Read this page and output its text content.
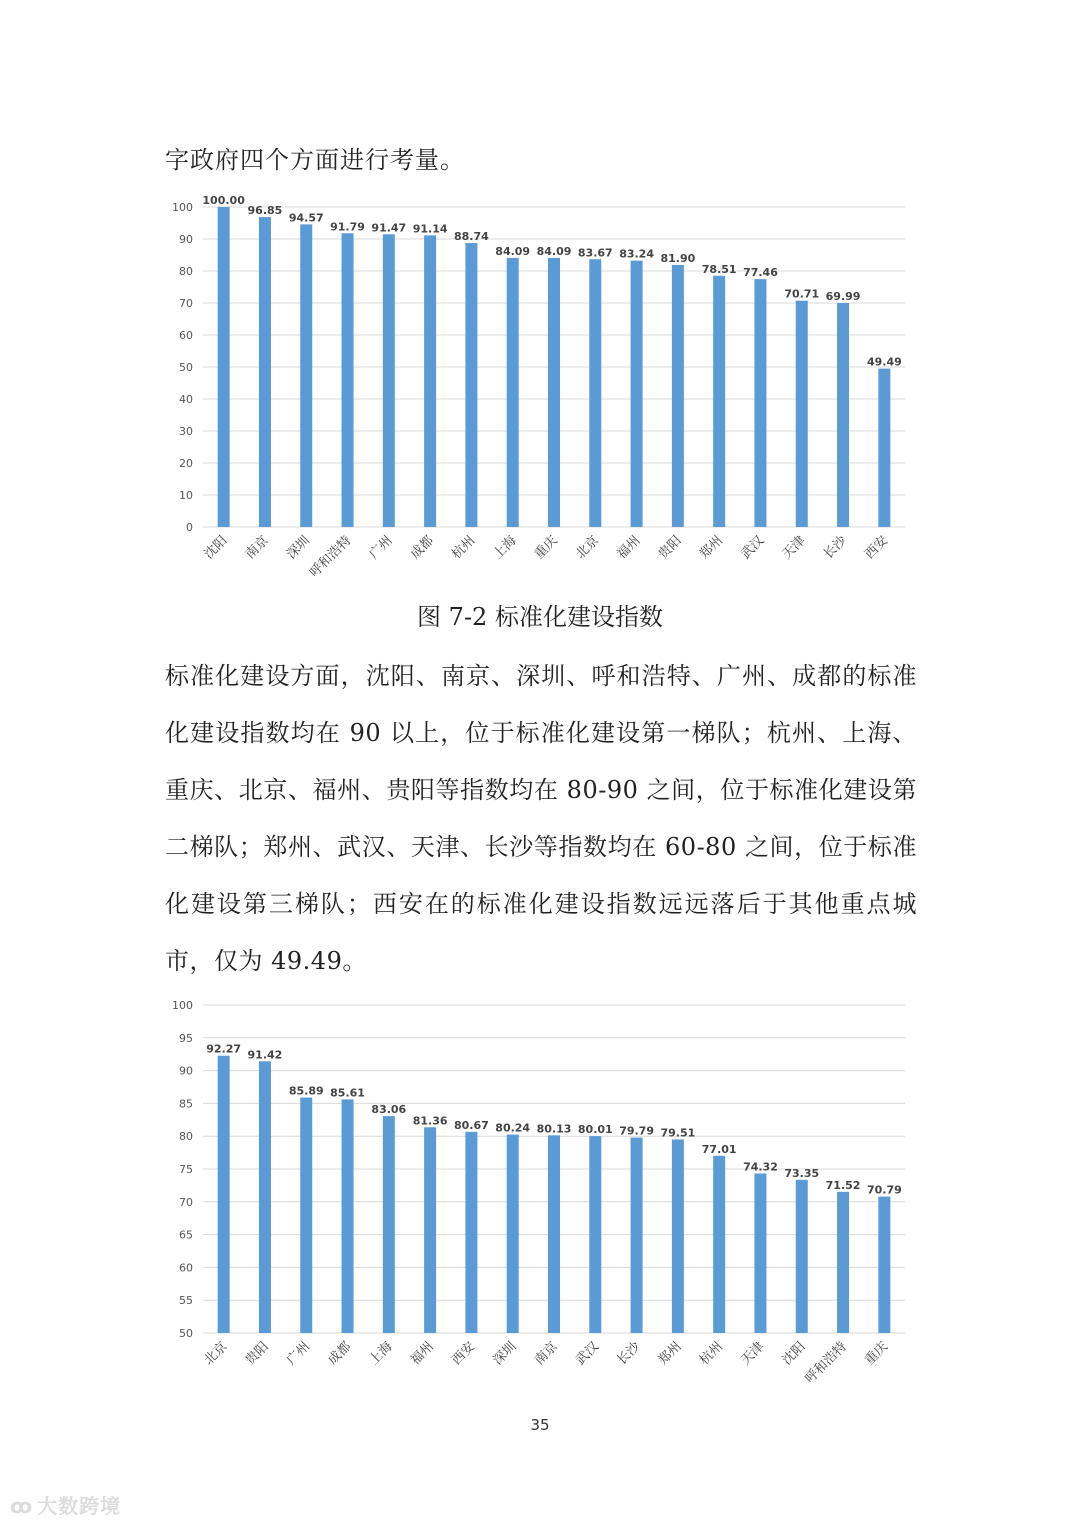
字政府四个方面进行考量。
0
10
20
30
40
50
60
70
80
90
100
100.00
沈阳
96.85
南京
94.57
深圳
91.79
呼和浩特
91.47
广州
91.14
成都
88.74
杭州
84.09
上海
84.09
重庆
83.67
北京
83.24
福州
81.90
贵阳
78.51
郑州
77.46
武汉
70.71
天津
69.99
长沙
49.49
西安
图 7-2 标准化建设指数
标准化建设方面，沈阳、南京、深圳、呼和浩特、广州、成都的标准化建设指数均在 90 以上，位于标准化建设第一梯队；杭州、上海、重庆、北京、福州、贵阳等指数均在 80-90 之间，位于标准化建设第二梯队；郑州、武汉、天津、长沙等指数均在 60-80 之间，位于标准化建设第三梯队；西安在的标准化建设指数远远落后于其他重点城市，仅为 49.49。
50
55
60
65
70
75
80
85
90
95
100
92.27
北京
91.42
贵阳
85.89
广州
85.61
成都
83.06
上海
81.36
福州
80.67
西安
80.24
深圳
80.13
南京
80.01
武汉
79.79
长沙
79.51
郑州
77.01
杭州
74.32
天津
73.35
沈阳
71.52
呼和浩特
70.79
重庆
35
ꝏ 大数跨境
